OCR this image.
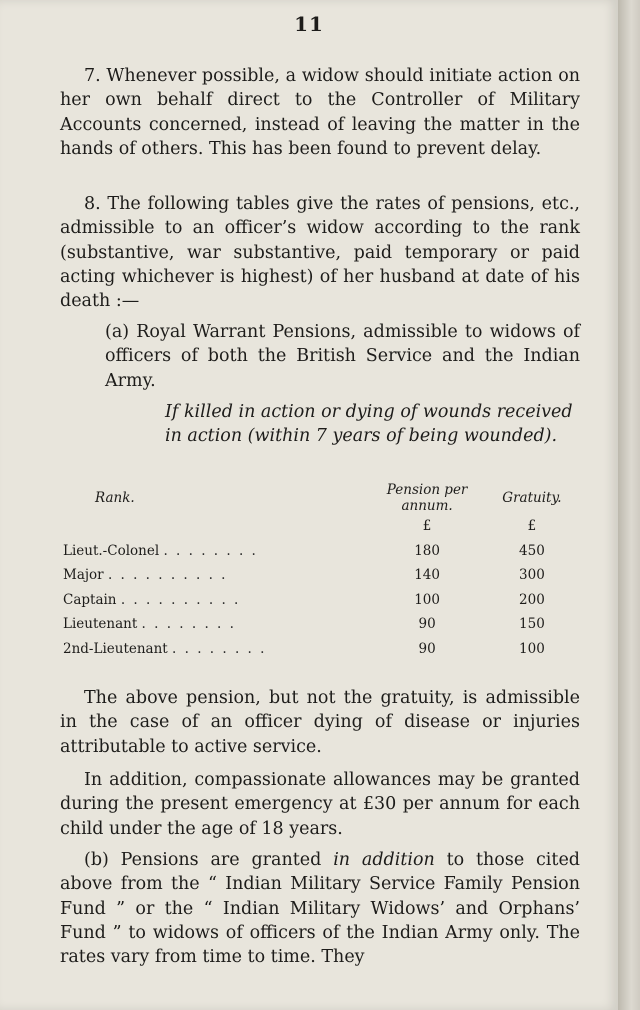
11

7. Whenever possible, a widow should initiate action on her own behalf direct to the Controller of Military Accounts concerned, instead of leaving the matter in the hands of others. This has been found to prevent delay.

8. The following tables give the rates of pensions, etc., admissible to an officer’s widow according to the rank (substantive, war substantive, paid temporary or paid acting whichever is highest) of her husband at date of his death :—

(a) Royal Warrant Pensions, admissible to widows of officers of both the British Service and the Indian Army.

If killed in action or dying of wounds received in action (within 7 years of being wounded).

Rank.	Pension per annum.	Gratuity.
	£	£
Lieut.-Colonel . . . . . . . .	180	450
Major . . . . . . . . . .	140	300
Captain . . . . . . . . . .	100	200
Lieutenant . . . . . . . .	90	150
2nd-Lieutenant . . . . . . . .	90	100

The above pension, but not the gratuity, is admissible in the case of an officer dying of disease or injuries attributable to active service.

In addition, compassionate allowances may be granted during the present emergency at £30 per annum for each child under the age of 18 years.

(b) Pensions are granted in addition to those cited above from the “ Indian Military Service Family Pension Fund ” or the “ Indian Military Widows’ and Orphans’ Fund ” to widows of officers of the Indian Army only. The rates vary from time to time. They
